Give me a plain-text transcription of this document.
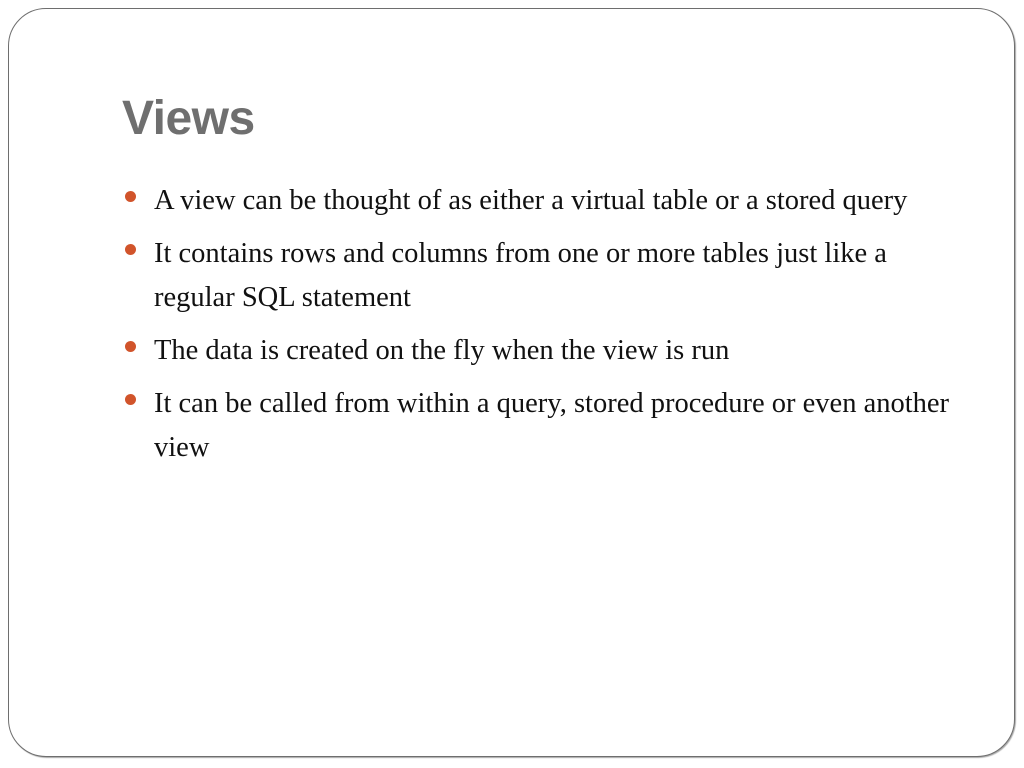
Views
A view can be thought of as either a virtual table or a stored query
It contains rows and columns from one or more tables just like a regular SQL statement
The data is created on the fly when the view is run
It can be called from within a query, stored procedure or even another view
